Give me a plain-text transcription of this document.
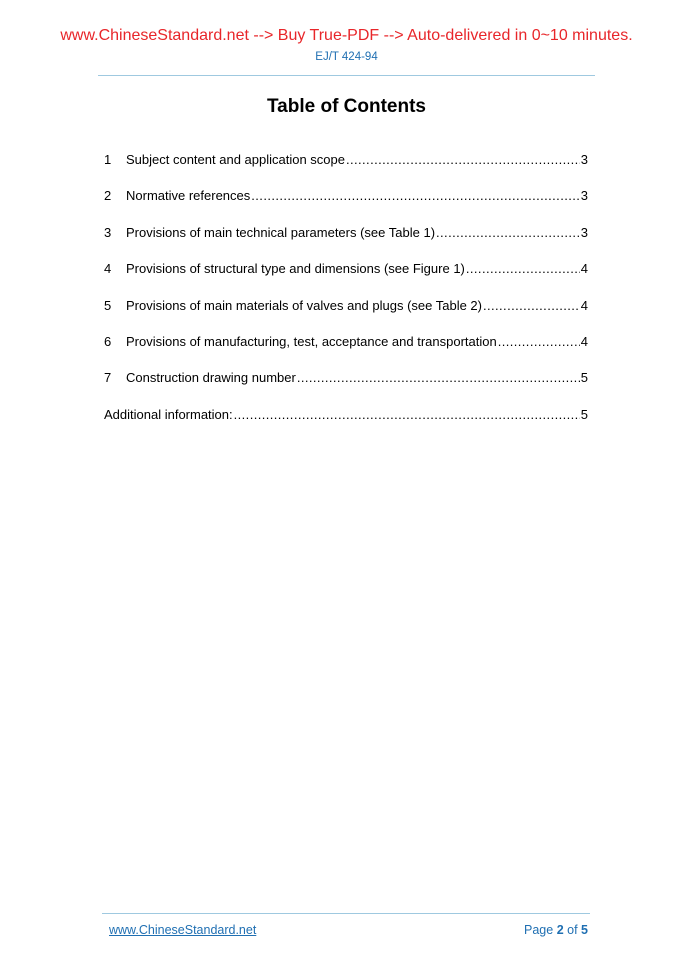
www.ChineseStandard.net --> Buy True-PDF --> Auto-delivered in 0~10 minutes.
EJ/T 424-94
Table of Contents
1	Subject content and application scope .....	3
2	Normative references .....	3
3	Provisions of main technical parameters (see Table 1) .....	3
4	Provisions of structural type and dimensions (see Figure 1) .....	4
5	Provisions of main materials of valves and plugs (see Table 2) .....	4
6	Provisions of manufacturing, test, acceptance and transportation .....	4
7	Construction drawing number .....	5
Additional information: .....	5
www.ChineseStandard.net	Page 2 of 5
